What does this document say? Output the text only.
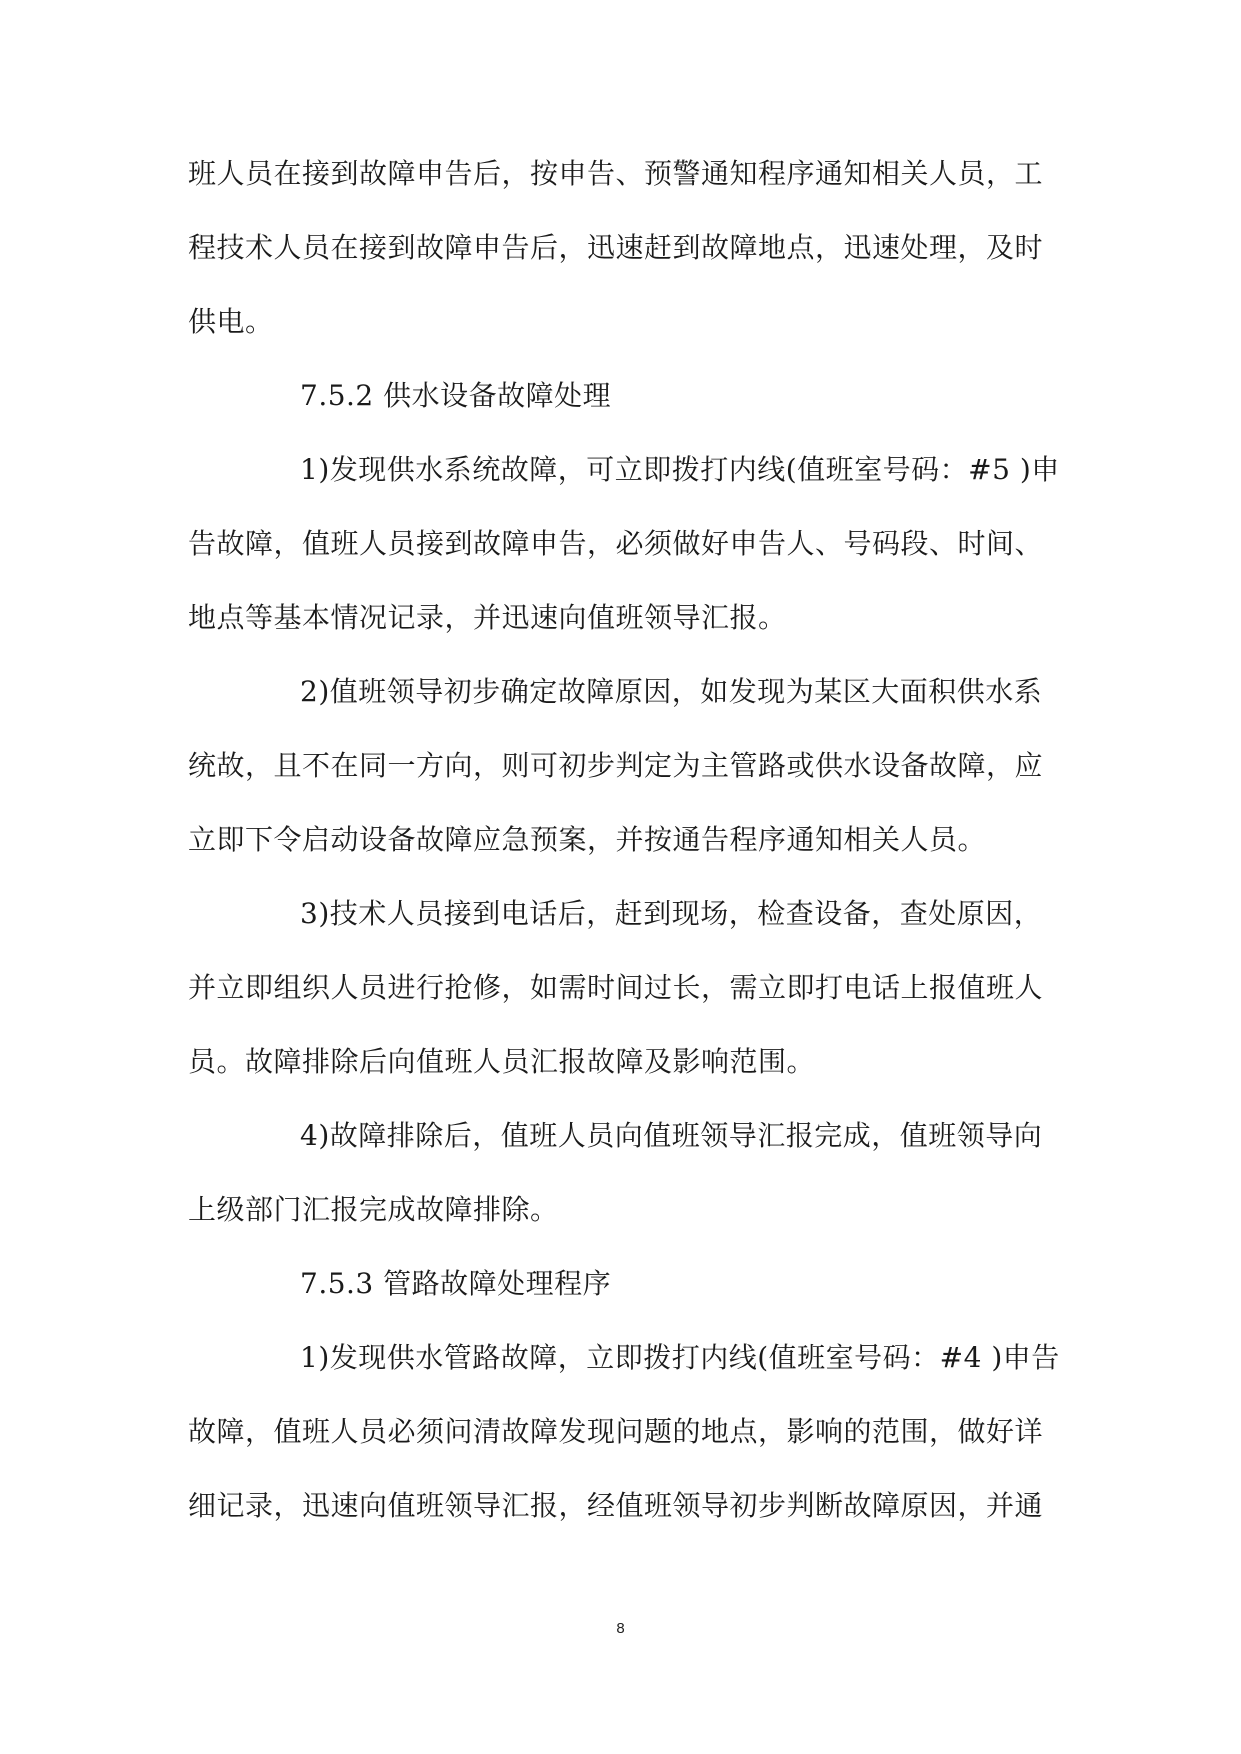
班人员在接到故障申告后，按申告、预警通知程序通知相关人员，工
程技术人员在接到故障申告后，迅速赶到故障地点，迅速处理，及时
供电。
7.5.2 供水设备故障处理
1)发现供水系统故障，可立即拨打内线(值班室号码：#5 )申
告故障，值班人员接到故障申告，必须做好申告人、号码段、时间、
地点等基本情况记录，并迅速向值班领导汇报。
2)值班领导初步确定故障原因，如发现为某区大面积供水系
统故，且不在同一方向，则可初步判定为主管路或供水设备故障，应
立即下令启动设备故障应急预案，并按通告程序通知相关人员。
3)技术人员接到电话后，赶到现场，检查设备，查处原因，
并立即组织人员进行抢修，如需时间过长，需立即打电话上报值班人
员。故障排除后向值班人员汇报故障及影响范围。
4)故障排除后，值班人员向值班领导汇报完成，值班领导向
上级部门汇报完成故障排除。
7.5.3 管路故障处理程序
1)发现供水管路故障，立即拨打内线(值班室号码：#4 )申告
故障，值班人员必须问清故障发现问题的地点，影响的范围，做好详
细记录，迅速向值班领导汇报，经值班领导初步判断故障原因，并通
8
